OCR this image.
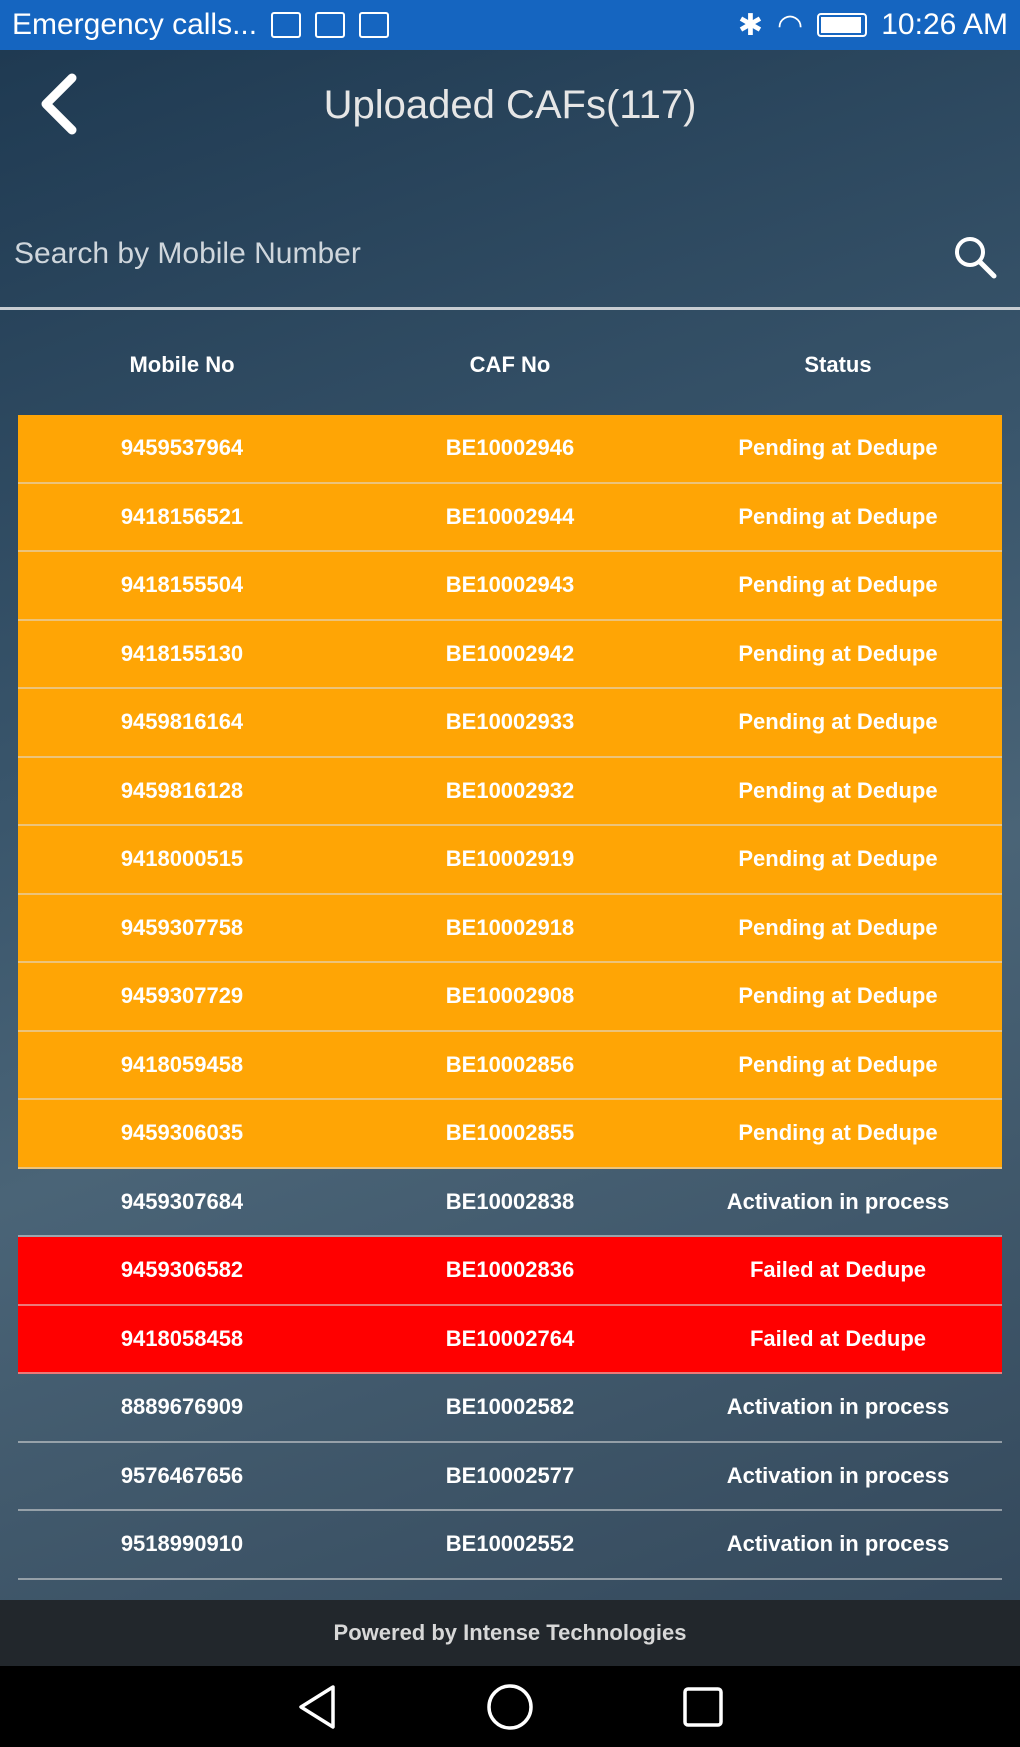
Emergency calls...	✱ ◠	10:26 AM
Uploaded CAFs(117)
Search by Mobile Number
Mobile No	CAF No	Status
9459537964	BE10002946	Pending at Dedupe
9418156521	BE10002944	Pending at Dedupe
9418155504	BE10002943	Pending at Dedupe
9418155130	BE10002942	Pending at Dedupe
9459816164	BE10002933	Pending at Dedupe
9459816128	BE10002932	Pending at Dedupe
9418000515	BE10002919	Pending at Dedupe
9459307758	BE10002918	Pending at Dedupe
9459307729	BE10002908	Pending at Dedupe
9418059458	BE10002856	Pending at Dedupe
9459306035	BE10002855	Pending at Dedupe
9459307684	BE10002838	Activation in process
9459306582	BE10002836	Failed at Dedupe
9418058458	BE10002764	Failed at Dedupe
8889676909	BE10002582	Activation in process
9576467656	BE10002577	Activation in process
9518990910	BE10002552	Activation in process
Powered by Intense Technologies
